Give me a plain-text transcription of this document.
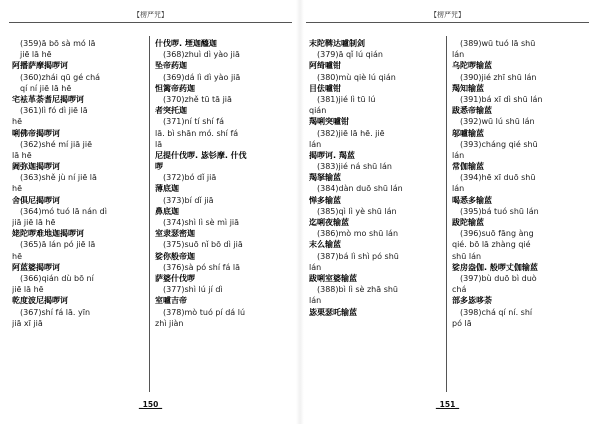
【楞严咒】
(359)ā bō sà mó lā
jiē lā hē
阿播萨摩揭啰诃
(360)zhái qū gé chá
qí ní jiē lā hē
宅袪革荼耆尼揭啰诃
(361)lì fó dì jiē lā
hē
唎佛帝揭啰诃
(362)shé mí jiā jiē
lā hē
阇弥迦揭啰诃
(363)shě jù ní jiē lā
hē
舍俱尼揭啰诃
(364)mó tuó lā nán dì
jiā jiē lā hē
姥陀啰难地迦揭啰诃
(365)ā lán pó jiē lā
hē
阿蓝婆揭啰诃
(366)qián dù bō ní
jiē lā hē
乾度波尼揭啰诃
(367)shí fá lā. yīn
jiā xī jiā
什伐啰. 堙迦醯迦
(368)zhuì dì yào jiā
坠帝药迦
(369)dá lì dì yào jiā
怛篱帝药迦
(370)zhě tū tā jiā
者突托迦
(371)ní tí shí fá
lā. bì shān mó. shí fá
lā
尼提什伐啰. 毖钐摩. 什伐
啰
(372)bó dǐ jiā
薄底迦
(373)bí dǐ jiā
鼻底迦
(374)shì lì sè mì jiā
室隶瑟密迦
(375)suō nǐ bō dì jiā
娑你般帝迦
(376)sà pó shí fá lā
萨婆什伐啰
(377)shì lú jí dì
室嚧吉帝
(378)mò tuó pí dá lú
zhì jiàn
_150_
【楞严咒】
末陀鞞达嚧制剑
(379)ā qǐ lú qián
阿绮嚧钳
(380)mù qiè lú qián
目佉嚧钳
(381)jié lì tū lú
qián
羯唎突嚧钳
(382)jiē lā hē. jiē
lán
揭啰诃. 羯蓝
(383)jié ná shū lán
羯拏输蓝
(384)dàn duō shū lán
惮多输蓝
(385)qì lì yè shū lán
迄唎夜输蓝
(386)mò mo shū lán
末么输蓝
(387)bá lì shì pó shū
lán
跋唎室婆输蓝
(388)bì lì sè zhā shū
lán
毖栗瑟吒输蓝
(389)wū tuó lā shū
lán
乌陀啰输蓝
(390)jié zhī shū lán
羯知输蓝
(391)bá xī dì shū lán
跋悉帝输蓝
(392)wū lú shū lán
邬嚧输蓝
(393)cháng qié shū
lán
常伽输蓝
(394)hē xī duō shū
lán
喝悉多输蓝
(395)bá tuó shū lán
跋陀输蓝
(396)suō fāng àng
qié. bō lā zhàng qié
shū lán
娑房盎伽. 般啰丈伽输蓝
(397)bù duō bì duò
chá
部多毖哆荼
(398)chá qí ní. shí
pó lā
_151_
